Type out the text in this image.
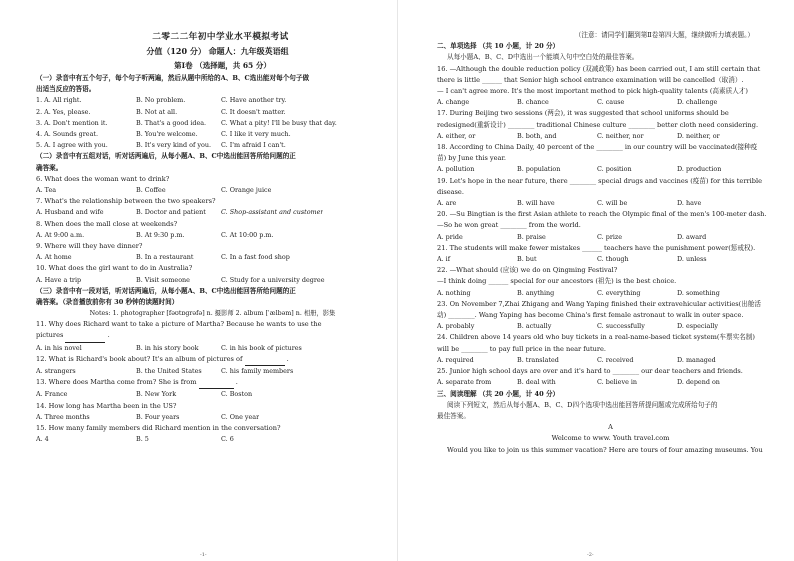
二零二二年初中学业水平模拟考试
分值（120 分） 命题人：九年级英语组
第Ⅰ卷 （选择题，共 65 分）
（一）录音中有五个句子，每个句子听两遍，然后从题中所给的A、B、C选出能对每个句子做
出适当反应的答语。
1. A. All right.	B. No problem.	C. Have another try.
2. A. Yes, please.	B. Not at all.	C. It doesn't matter.
3. A. Don't mention it.	B. That's a good idea.	C. What a pity! I'll be busy that day.
4. A. Sounds great.	B. You're welcome.	C. I like it very much.
5. A. I agree with you.	B. It's very kind of you.	C. I'm afraid I can't.
（二）录音中有五组对话，听对话两遍后，从每小题A、B、C中选出能回答所给问题的正
确答案。
6. What does the woman want to drink?
A. Tea	B. Coffee	C. Orange juice
7. What's the relationship between the two speakers?
A. Husband and wife	B. Doctor and patient	C. Shop-assistant and customer
8. When does the mall close at weekends?
A. At 9:00 a.m.	B. At 9:30 p.m.	C. At 10:00 p.m.
9. Where will they have dinner?
A. At home	B. In a restaurant	C. In a fast food shop
10. What does the girl want to do in Australia?
A. Have a trip	B. Visit someone	C. Study for a university degree
（三）录音中有一段对话，听对话两遍后，从每小题A、B、C中选出能回答所给问题的正
确答案。（录音播放前你有 30 秒钟的读题时间）
Notes: 1. photographer [fəʊtɒgrəfə] n. 摄影师 2. album [ˈælbəm] n. 相册，影集
11. Why does Richard want to take a picture of Martha? Because he wants to use the
pictures	.
A. in his novel	B. in his story book	C. in his book of pictures
12. What is Richard's book about? It's an album of pictures of	.
A. strangers	B. the United States	C. his family members
13. Where does Martha come from? She is from	.
A. France	B. New York	C. Boston
14. How long has Martha been in the US?
A. Three months	B. Four years	C. One year
15. How many family members did Richard mention in the conversation?
A. 4	B. 5	C. 6
-1-
（注意：请同学们翻到第Ⅱ卷第四大题，继续做听力填表题。）
二、单项选择 （共 10 小题，计 20 分）
从每小题A、B、C、D中选出一个能填入句中空白处的最佳答案。
16. —Although the double reduction policy (双减政策) has been carried out, I am still certain that
there is little ______ that Senior high school entrance examination will be cancelled（取消）.
— I can't agree more. It's the most important method to pick high-quality talents (高素质人才)
A. change	B. chance	C. cause	D. challenge
17. During Beijing two sessions (两会), it was suggested that school uniforms should be
redesigned(重新设计) ________ traditional Chinese culture ________ better cloth need considering.
A. either, or	B. both, and	C. neither, nor	D. neither, or
18. According to China Daily, 40 percent of the ________ in our country will be vaccinated(接种疫
苗) by June this year.
A. pollution	B. population	C. position	D. production
19. Let's hope in the near future, there ________ special drugs and vaccines (疫苗) for this terrible
disease.
A. are	B. will have	C. will be	D. have
20. —Su Bingtian is the first Asian athlete to reach the Olympic final of the men's 100-meter dash.
—So he won great ________ from the world.
A. pride	B. praise	C. prize	D. award
21. The students will make fewer mistakes ______ teachers have the punishment power(惩戒权).
A. if	B. but	C. though	D. unless
22. —What should (应该) we do on Qingming Festival?
—I think doing ______ special for our ancestors (祖先) is the best choice.
A. nothing	B. anything	C. everything	D. something
23. On November 7,Zhai Zhigang and Wang Yaping finished their extravehicular activities(出舱活
动) ________. Wang Yaping has become China's first female astronaut to walk in outer space.
A. probably	B. actually	C. successfully	D. especially
24. Children above 14 years old who buy tickets in a real-name-based ticket system(车票实名制)
will be ________ to pay full price in the near future.
A. required	B. translated	C. received	D. managed
25. Junior high school days are over and it's hard to ________ our dear teachers and friends.
A. separate from	B. deal with	C. believe in	D. depend on
三、阅读理解 （共 20 小题，计 40 分）
阅读下列短文，然后从每小题A、B、C、D四个选项中选出能回答所提问题或完成所给句子的
最佳答案。
A
Welcome to www. Youth travel.com
Would you like to join us this summer vacation? Here are tours of four amazing museums. You
-2-
